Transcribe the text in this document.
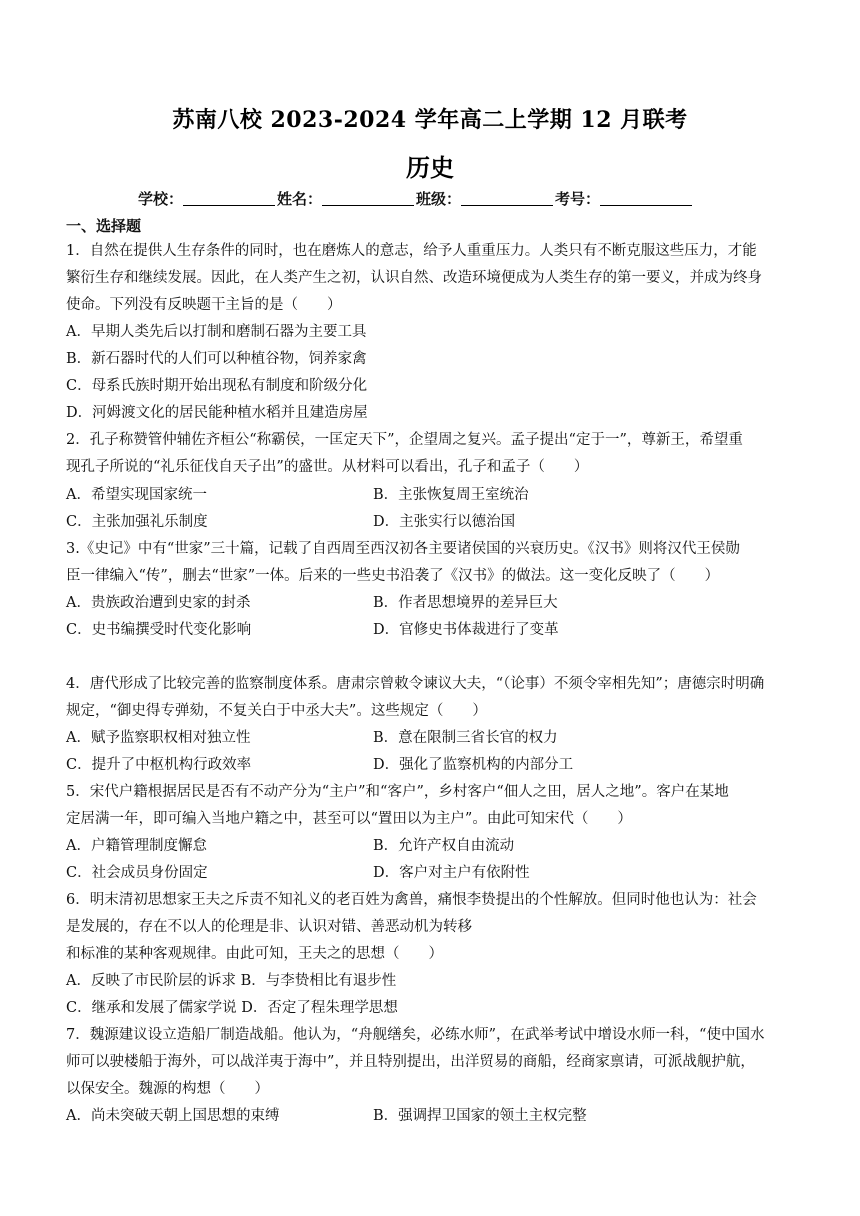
苏南八校 2023-2024 学年高二上学期 12 月联考
历史
学校：	姓名：	班级：	考号：
一、选择题
1．自然在提供人生存条件的同时，也在磨炼人的意志，给予人重重压力。人类只有不断克服这些压力，才能
繁衍生存和继续发展。因此，在人类产生之初，认识自然、改造环境便成为人类生存的第一要义，并成为终身
使命。下列没有反映题干主旨的是（　　）
A．早期人类先后以打制和磨制石器为主要工具
B．新石器时代的人们可以种植谷物，饲养家禽
C．母系氏族时期开始出现私有制度和阶级分化
D．河姆渡文化的居民能种植水稻并且建造房屋
2．孔子称赞管仲辅佐齐桓公“称霸侯，一匡定天下”，企望周之复兴。孟子提出“定于一”，尊新王，希望重
现孔子所说的“礼乐征伐自天子出”的盛世。从材料可以看出，孔子和孟子（　　）
A．希望实现国家统一	B．主张恢复周王室统治
C．主张加强礼乐制度	D．主张实行以德治国
3.《史记》中有“世家”三十篇，记载了自西周至西汉初各主要诸侯国的兴衰历史。《汉书》则将汉代王侯勋
臣一律编入“传”，删去“世家”一体。后来的一些史书沿袭了《汉书》的做法。这一变化反映了（　　）
A．贵族政治遭到史家的封杀	B．作者思想境界的差异巨大
C．史书编撰受时代变化影响	D．官修史书体裁进行了变革
4．唐代形成了比较完善的监察制度体系。唐肃宗曾敕令谏议大夫，“（论事）不须令宰相先知”；唐德宗时明确
规定，“御史得专弹劾，不复关白于中丞大夫”。这些规定（　　）
A．赋予监察职权相对独立性	B．意在限制三省长官的权力
C．提升了中枢机构行政效率	D．强化了监察机构的内部分工
5．宋代户籍根据居民是否有不动产分为“主户”和“客户”，乡村客户“佃人之田，居人之地”。客户在某地
定居满一年，即可编入当地户籍之中，甚至可以“置田以为主户”。由此可知宋代（　　）
A．户籍管理制度懈怠	B．允许产权自由流动
C．社会成员身份固定	D．客户对主户有依附性
6．明末清初思想家王夫之斥责不知礼义的老百姓为禽兽，痛恨李贽提出的个性解放。但同时他也认为：社会
是发展的，存在不以人的伦理是非、认识对错、善恶动机为转移
和标准的某种客观规律。由此可知，王夫之的思想（　　）
A．反映了市民阶层的诉求 B．与李贽相比有退步性
C．继承和发展了儒家学说 D．否定了程朱理学思想
7．魏源建议设立造船厂制造战船。他认为，“舟舰缮矣，必练水师”，在武举考试中增设水师一科，“使中国水
师可以驶楼船于海外，可以战洋夷于海中”，并且特别提出，出洋贸易的商船，经商家禀请，可派战舰护航，
以保安全。魏源的构想（　　）
A．尚未突破天朝上国思想的束缚	B．强调捍卫国家的领土主权完整
